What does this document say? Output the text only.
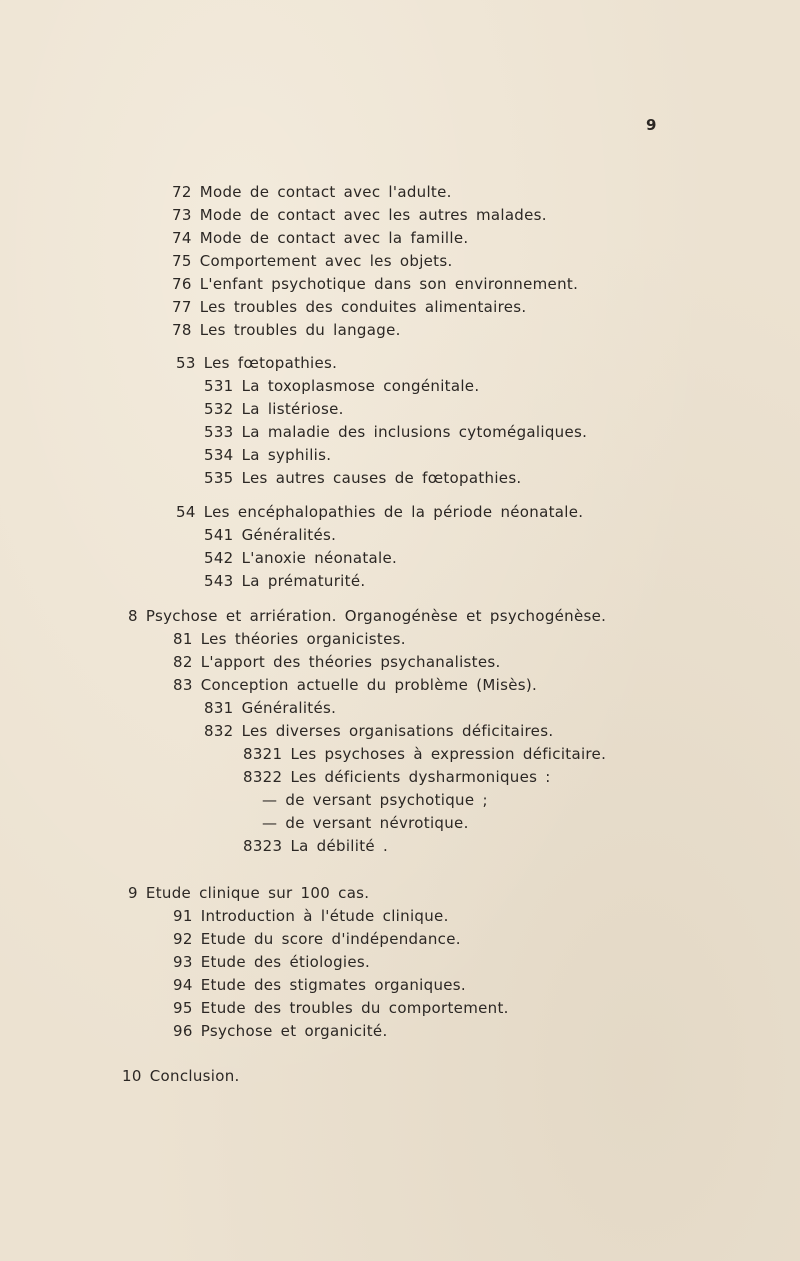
9
72 Mode de contact avec l'adulte.
73 Mode de contact avec les autres malades.
74 Mode de contact avec la famille.
75 Comportement avec les objets.
76 L'enfant psychotique dans son environnement.
77 Les troubles des conduites alimentaires.
78 Les troubles du langage.
53 Les fœtopathies.
531 La toxoplasmose congénitale.
532 La listériose.
533 La maladie des inclusions cytomégaliques.
534 La syphilis.
535 Les autres causes de fœtopathies.
54 Les encéphalopathies de la période néonatale.
541 Généralités.
542 L'anoxie néonatale.
543 La prématurité.
8 Psychose et arriération. Organogénèse et psychogénèse.
81 Les théories organicistes.
82 L'apport des théories psychanalistes.
83 Conception actuelle du problème (Misès).
831 Généralités.
832 Les diverses organisations déficitaires.
8321 Les psychoses à expression déficitaire.
8322 Les déficients dysharmoniques :
— de versant psychotique ;
— de versant névrotique.
8323 La débilité .
9 Etude clinique sur 100 cas.
91 Introduction à l'étude clinique.
92 Etude du score d'indépendance.
93 Etude des étiologies.
94 Etude des stigmates organiques.
95 Etude des troubles du comportement.
96 Psychose et organicité.
10 Conclusion.
